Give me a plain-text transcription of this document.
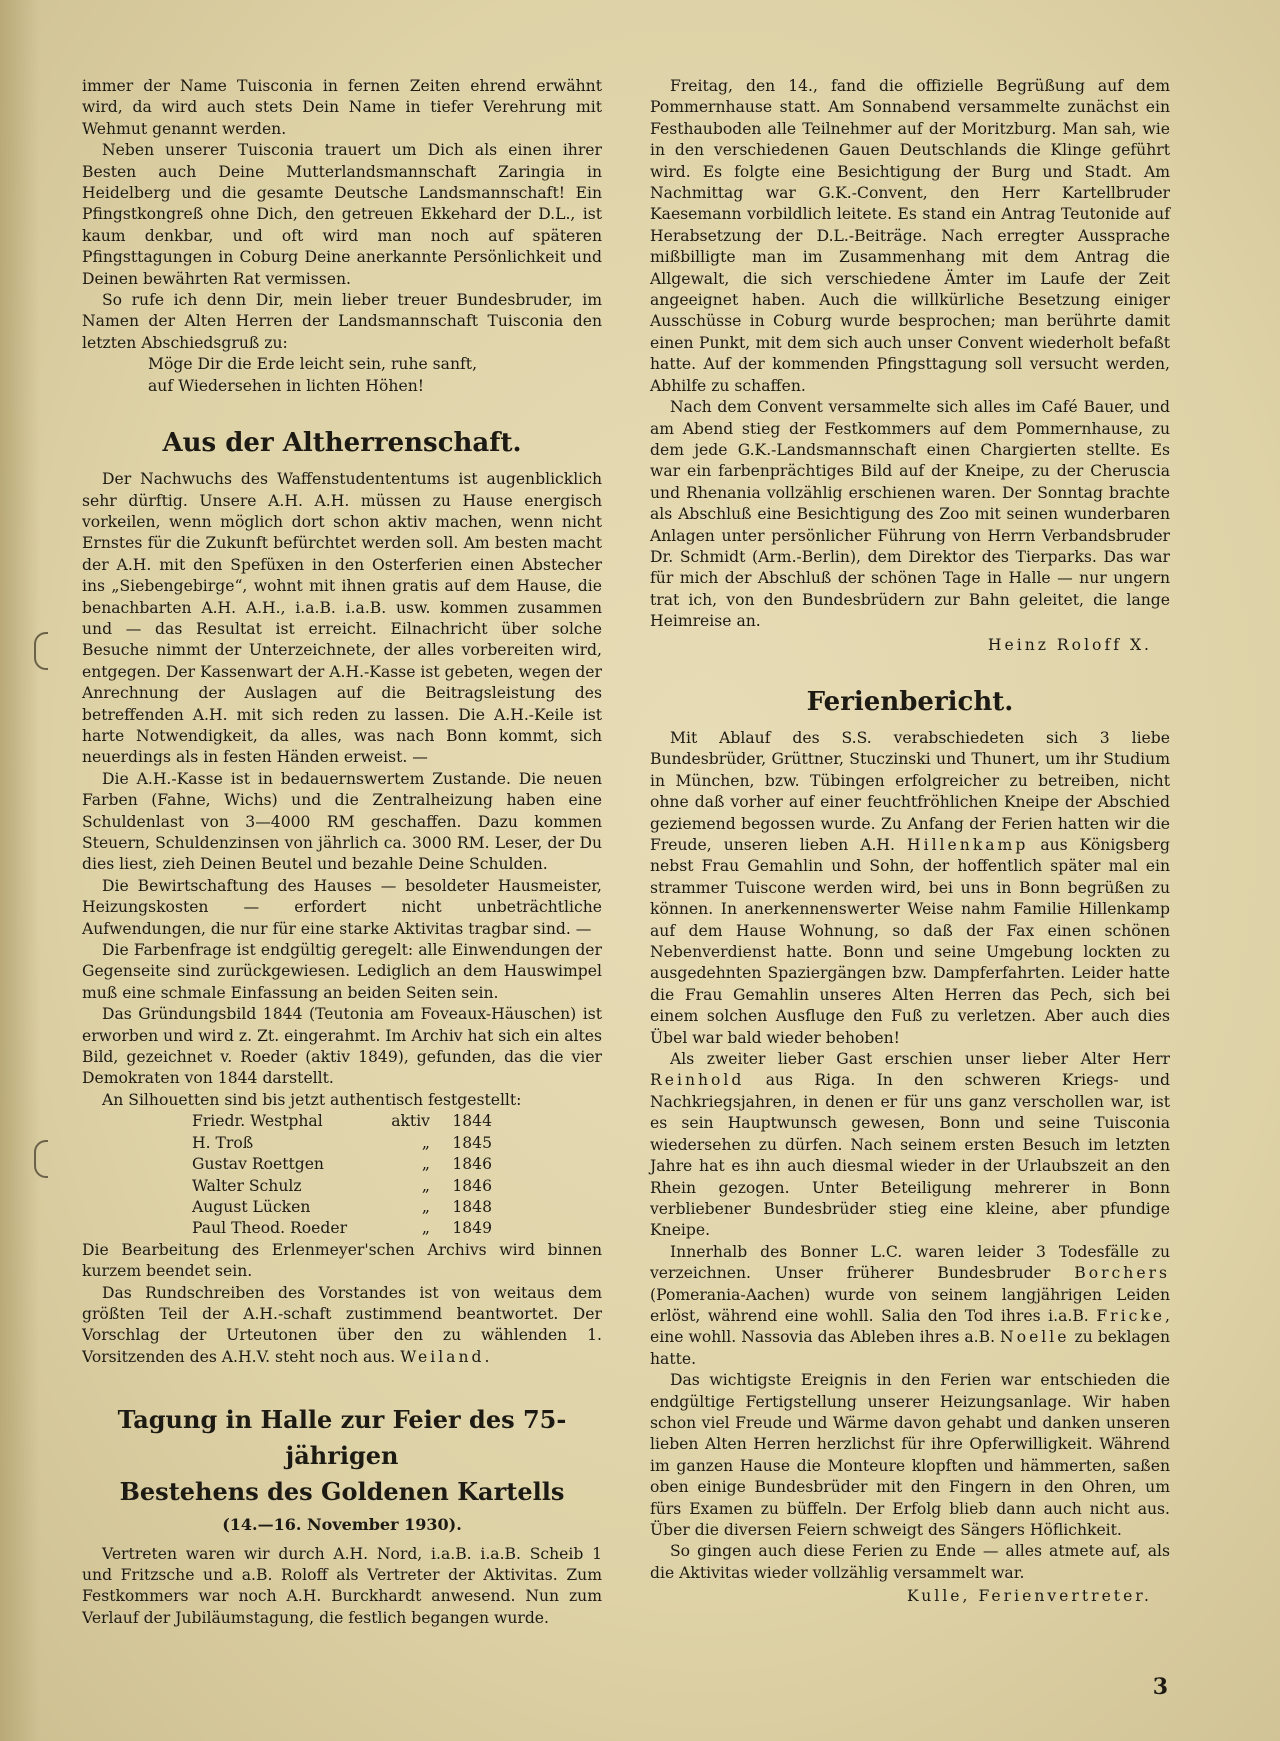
immer der Name Tuisconia in fernen Zeiten ehrend erwähnt wird, da wird auch stets Dein Name in tiefer Verehrung mit Wehmut genannt werden.

Neben unserer Tuisconia trauert um Dich als einen ihrer Besten auch Deine Mutterlandsmannschaft Zaringia in Heidelberg und die gesamte Deutsche Landsmannschaft! Ein Pfingstkongreß ohne Dich, den getreuen Ekkehard der D.L., ist kaum denkbar, und oft wird man noch auf späteren Pfingsttagungen in Coburg Deine anerkannte Persönlichkeit und Deinen bewährten Rat vermissen.

So rufe ich denn Dir, mein lieber treuer Bundesbruder, im Namen der Alten Herren der Landsmannschaft Tuisconia den letzten Abschiedsgruß zu:

Möge Dir die Erde leicht sein, ruhe sanft,

auf Wiedersehen in lichten Höhen!

Aus der Altherrenschaft.

Der Nachwuchs des Waffenstudententums ist augenblicklich sehr dürftig. Unsere A.H. A.H. müssen zu Hause energisch vorkeilen, wenn möglich dort schon aktiv machen, wenn nicht Ernstes für die Zukunft befürchtet werden soll. Am besten macht der A.H. mit den Spefüxen in den Osterferien einen Abstecher ins „Siebengebirge“, wohnt mit ihnen gratis auf dem Hause, die benachbarten A.H. A.H., i.a.B. i.a.B. usw. kommen zusammen und — das Resultat ist erreicht. Eilnachricht über solche Besuche nimmt der Unterzeichnete, der alles vorbereiten wird, entgegen. Der Kassenwart der A.H.-Kasse ist gebeten, wegen der Anrechnung der Auslagen auf die Beitragsleistung des betreffenden A.H. mit sich reden zu lassen. Die A.H.-Keile ist harte Notwendigkeit, da alles, was nach Bonn kommt, sich neuerdings als in festen Händen erweist. —

Die A.H.-Kasse ist in bedauernswertem Zustande. Die neuen Farben (Fahne, Wichs) und die Zentralheizung haben eine Schuldenlast von 3—4000 RM geschaffen. Dazu kommen Steuern, Schuldenzinsen von jährlich ca. 3000 RM. Leser, der Du dies liest, zieh Deinen Beutel und bezahle Deine Schulden.

Die Bewirtschaftung des Hauses — besoldeter Hausmeister, Heizungskosten — erfordert nicht unbeträchtliche Aufwendungen, die nur für eine starke Aktivitas tragbar sind. —

Die Farbenfrage ist endgültig geregelt: alle Einwendungen der Gegenseite sind zurückgewiesen. Lediglich an dem Hauswimpel muß eine schmale Einfassung an beiden Seiten sein.

Das Gründungsbild 1844 (Teutonia am Foveaux-Häuschen) ist erworben und wird z. Zt. eingerahmt. Im Archiv hat sich ein altes Bild, gezeichnet v. Roeder (aktiv 1849), gefunden, das die vier Demokraten von 1844 darstellt.

An Silhouetten sind bis jetzt authentisch festgestellt:

Friedr. Westphal	aktiv	1844
H. Troß	„	1845
Gustav Roettgen	„	1846
Walter Schulz	„	1846
August Lücken	„	1848
Paul Theod. Roeder	„	1849

Die Bearbeitung des Erlenmeyer'schen Archivs wird binnen kurzem beendet sein.

Das Rundschreiben des Vorstandes ist von weitaus dem größten Teil der A.H.-schaft zustimmend beantwortet. Der Vorschlag der Urteutonen über den zu wählenden 1. Vorsitzenden des A.H.V. steht noch aus. Weiland.

Tagung in Halle zur Feier des 75-jährigen
Bestehens des Goldenen Kartells
(14.—16. November 1930).

Vertreten waren wir durch A.H. Nord, i.a.B. i.a.B. Scheib 1 und Fritzsche und a.B. Roloff als Vertreter der Aktivitas. Zum Festkommers war noch A.H. Burckhardt anwesend. Nun zum Verlauf der Jubiläumstagung, die festlich begangen wurde.

Freitag, den 14., fand die offizielle Begrüßung auf dem Pommernhause statt. Am Sonnabend versammelte zunächst ein Festhauboden alle Teilnehmer auf der Moritzburg. Man sah, wie in den verschiedenen Gauen Deutschlands die Klinge geführt wird. Es folgte eine Besichtigung der Burg und Stadt. Am Nachmittag war G.K.-Convent, den Herr Kartellbruder Kaesemann vorbildlich leitete. Es stand ein Antrag Teutonide auf Herabsetzung der D.L.-Beiträge. Nach erregter Aussprache mißbilligte man im Zusammenhang mit dem Antrag die Allgewalt, die sich verschiedene Ämter im Laufe der Zeit angeeignet haben. Auch die willkürliche Besetzung einiger Ausschüsse in Coburg wurde besprochen; man berührte damit einen Punkt, mit dem sich auch unser Convent wiederholt befaßt hatte. Auf der kommenden Pfingsttagung soll versucht werden, Abhilfe zu schaffen.

Nach dem Convent versammelte sich alles im Café Bauer, und am Abend stieg der Festkommers auf dem Pommernhause, zu dem jede G.K.-Landsmannschaft einen Chargierten stellte. Es war ein farbenprächtiges Bild auf der Kneipe, zu der Cheruscia und Rhenania vollzählig erschienen waren. Der Sonntag brachte als Abschluß eine Besichtigung des Zoo mit seinen wunderbaren Anlagen unter persönlicher Führung von Herrn Verbandsbruder Dr. Schmidt (Arm.-Berlin), dem Direktor des Tierparks. Das war für mich der Abschluß der schönen Tage in Halle — nur ungern trat ich, von den Bundesbrüdern zur Bahn geleitet, die lange Heimreise an.

Heinz Roloff X.
Ferienbericht.

Mit Ablauf des S.S. verabschiedeten sich 3 liebe Bundesbrüder, Grüttner, Stuczinski und Thunert, um ihr Studium in München, bzw. Tübingen erfolgreicher zu betreiben, nicht ohne daß vorher auf einer feuchtfröhlichen Kneipe der Abschied geziemend begossen wurde. Zu Anfang der Ferien hatten wir die Freude, unseren lieben A.H. Hillenkamp aus Königsberg nebst Frau Gemahlin und Sohn, der hoffentlich später mal ein strammer Tuiscone werden wird, bei uns in Bonn begrüßen zu können. In anerkennenswerter Weise nahm Familie Hillenkamp auf dem Hause Wohnung, so daß der Fax einen schönen Nebenverdienst hatte. Bonn und seine Umgebung lockten zu ausgedehnten Spaziergängen bzw. Dampferfahrten. Leider hatte die Frau Gemahlin unseres Alten Herren das Pech, sich bei einem solchen Ausfluge den Fuß zu verletzen. Aber auch dies Übel war bald wieder behoben!

Als zweiter lieber Gast erschien unser lieber Alter Herr Reinhold aus Riga. In den schweren Kriegs- und Nachkriegsjahren, in denen er für uns ganz verschollen war, ist es sein Hauptwunsch gewesen, Bonn und seine Tuisconia wiedersehen zu dürfen. Nach seinem ersten Besuch im letzten Jahre hat es ihn auch diesmal wieder in der Urlaubszeit an den Rhein gezogen. Unter Beteiligung mehrerer in Bonn verbliebener Bundesbrüder stieg eine kleine, aber pfundige Kneipe.

Innerhalb des Bonner L.C. waren leider 3 Todesfälle zu verzeichnen. Unser früherer Bundesbruder Borchers (Pomerania-Aachen) wurde von seinem langjährigen Leiden erlöst, während eine wohll. Salia den Tod ihres i.a.B. Fricke, eine wohll. Nassovia das Ableben ihres a.B. Noelle zu beklagen hatte.

Das wichtigste Ereignis in den Ferien war entschieden die endgültige Fertigstellung unserer Heizungsanlage. Wir haben schon viel Freude und Wärme davon gehabt und danken unseren lieben Alten Herren herzlichst für ihre Opferwilligkeit. Während im ganzen Hause die Monteure klopften und hämmerten, saßen oben einige Bundesbrüder mit den Fingern in den Ohren, um fürs Examen zu büffeln. Der Erfolg blieb dann auch nicht aus. Über die diversen Feiern schweigt des Sängers Höflichkeit.

So gingen auch diese Ferien zu Ende — alles atmete auf, als die Aktivitas wieder vollzählig versammelt war.

Kulle, Ferienvertreter.
3
